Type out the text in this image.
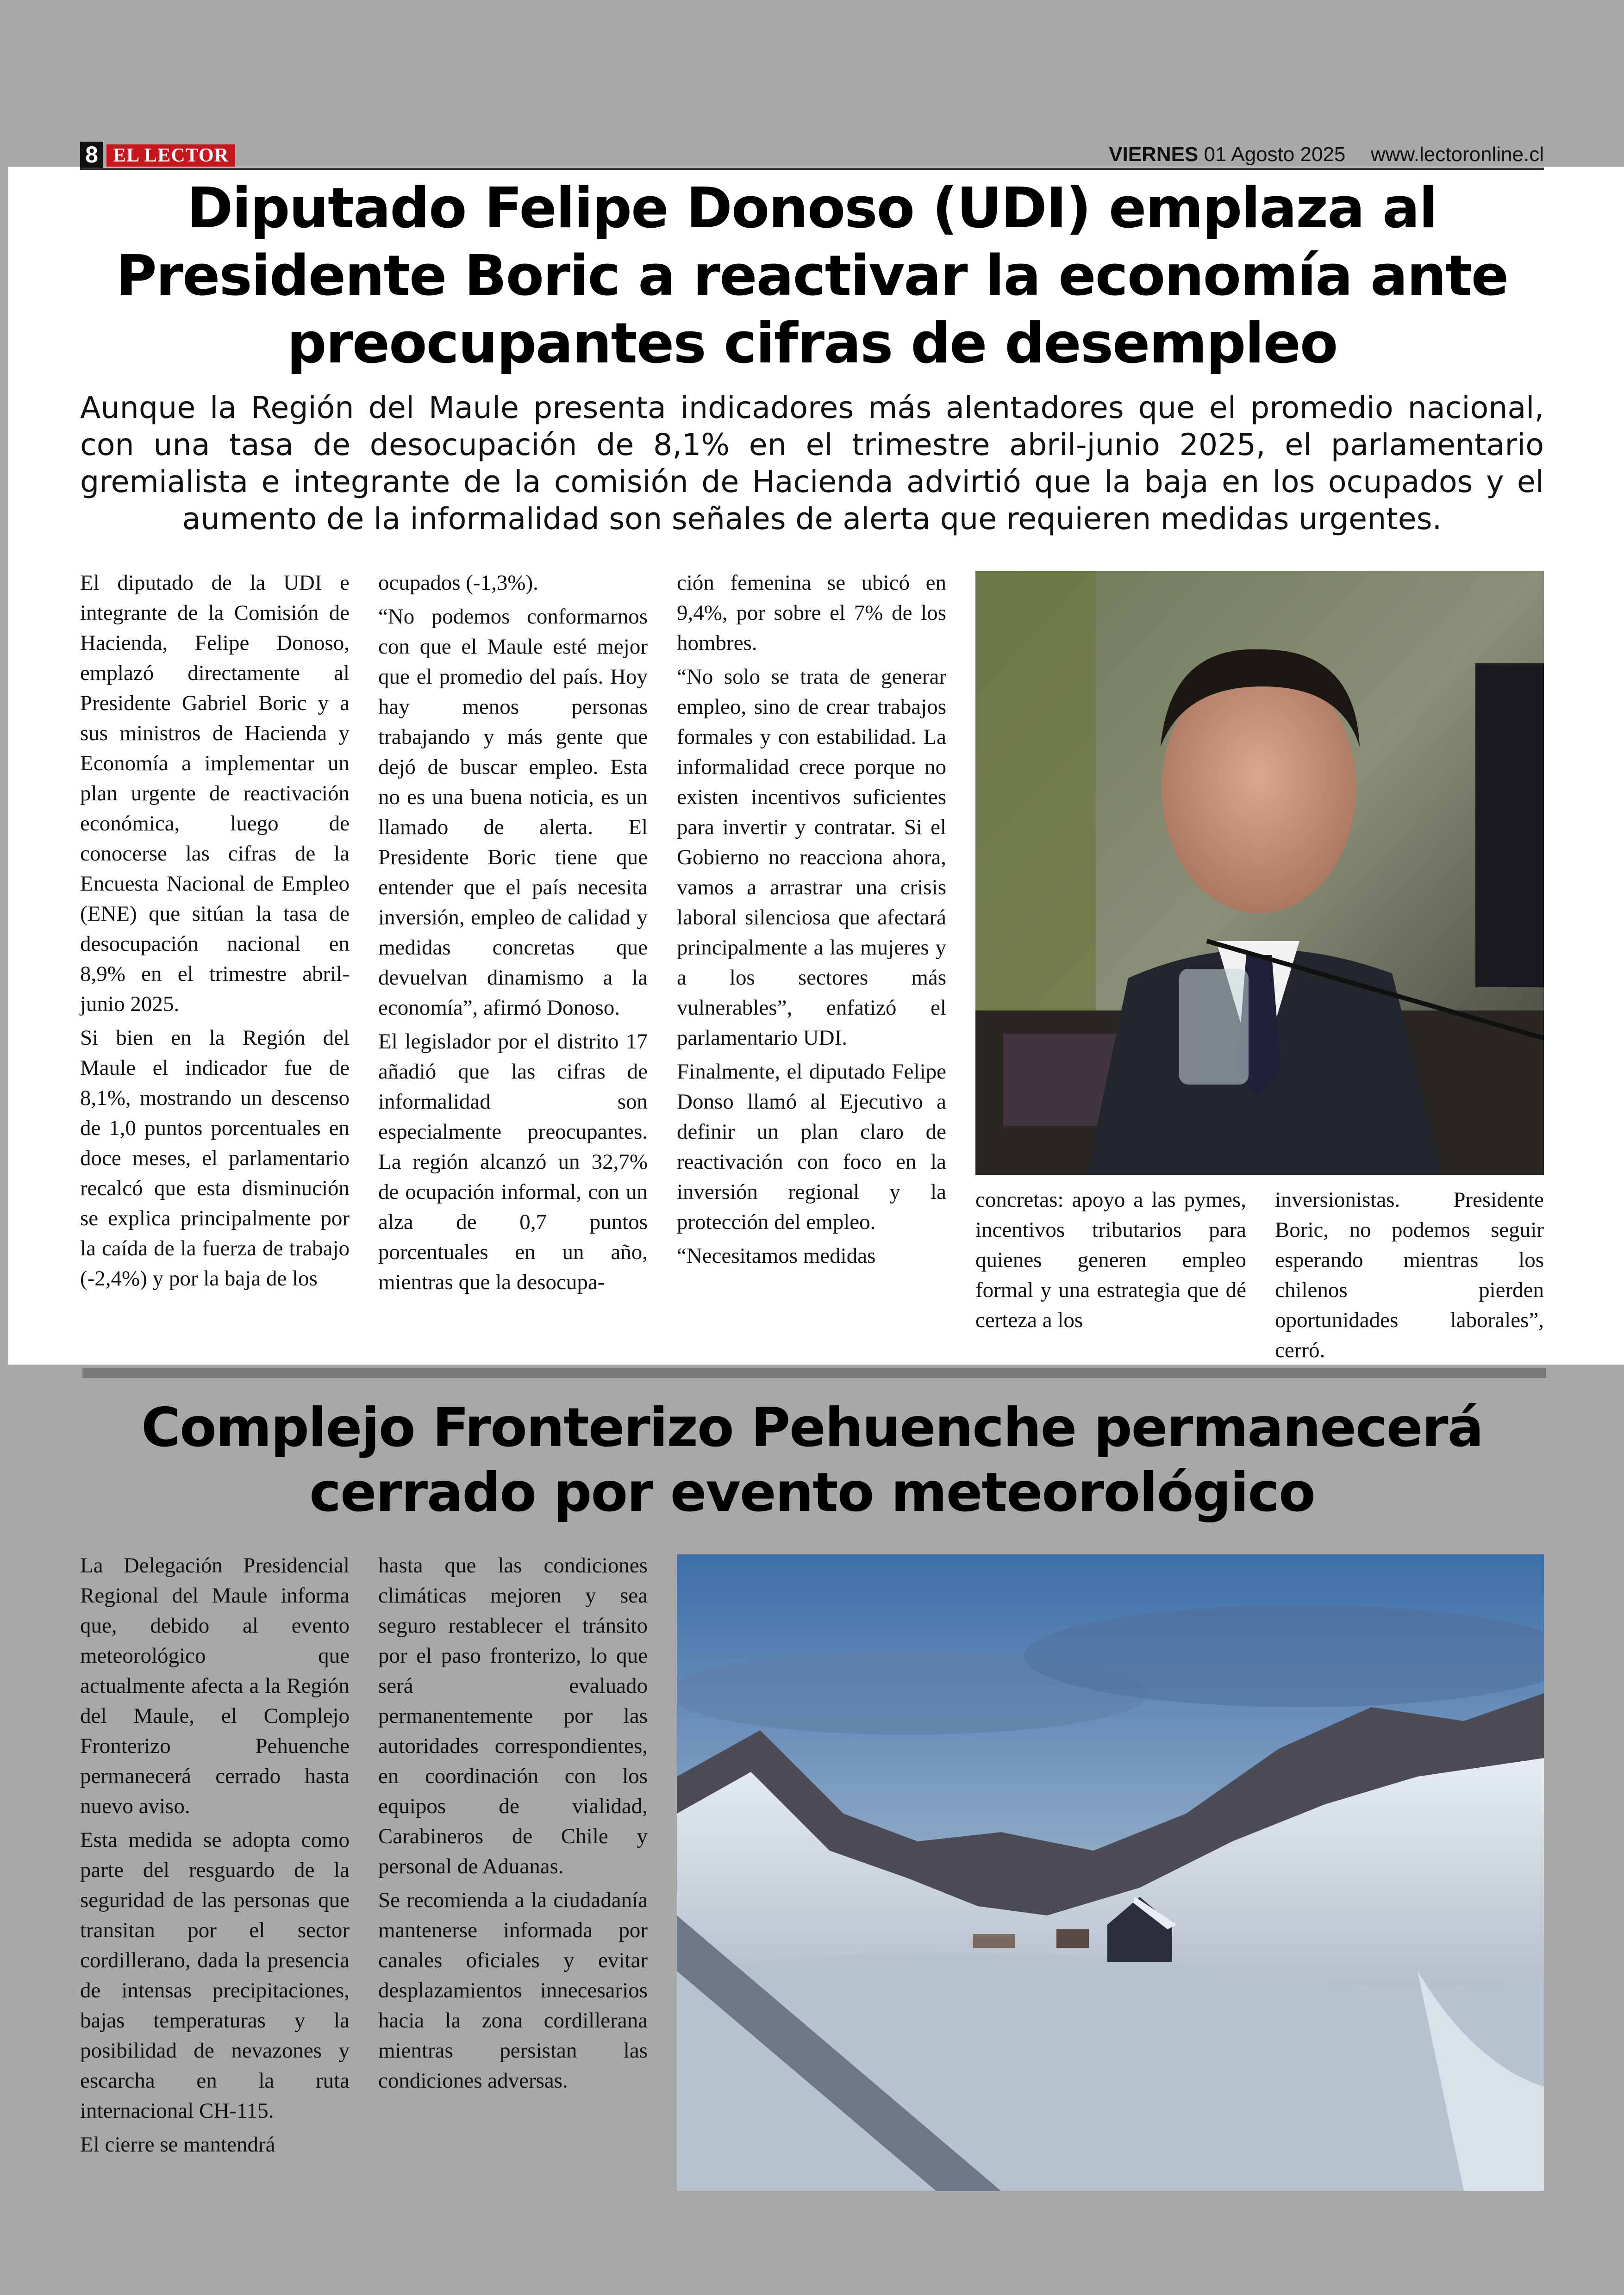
8 EL LECTOR	VIERNES 01 Agosto 2025 www.lectoronline.cl
Diputado Felipe Donoso (UDI) emplaza al Presidente Boric a reactivar la economía ante preocupantes cifras de desempleo
Aunque la Región del Maule presenta indicadores más alentadores que el promedio nacional, con una tasa de desocupación de 8,1% en el trimestre abril-junio 2025, el parlamentario gremialista e integrante de la comisión de Hacienda advirtió que la baja en los ocupados y el aumento de la informalidad son señales de alerta que requieren medidas urgentes.

El diputado de la UDI e integrante de la Comisión de Hacienda, Felipe Donoso, emplazó directamente al Presidente Gabriel Boric y a sus ministros de Hacienda y Economía a implementar un plan urgente de reactivación económica, luego de conocerse las cifras de la Encuesta Nacional de Empleo (ENE) que sitúan la tasa de desocupación nacional en 8,9% en el trimestre abril-junio 2025.

Si bien en la Región del Maule el indicador fue de 8,1%, mostrando un descenso de 1,0 puntos porcentuales en doce meses, el parlamentario recalcó que esta disminución se explica principalmente por la caída de la fuerza de trabajo (-2,4%) y por la baja de los

ocupados (-1,3%).

“No podemos conformarnos con que el Maule esté mejor que el promedio del país. Hoy hay menos personas trabajando y más gente que dejó de buscar empleo. Esta no es una buena noticia, es un llamado de alerta. El Presidente Boric tiene que entender que el país necesita inversión, empleo de calidad y medidas concretas que devuelvan dinamismo a la economía”, afirmó Donoso.

El legislador por el distrito 17 añadió que las cifras de informalidad son especialmente preocupantes. La región alcanzó un 32,7% de ocupación informal, con un alza de 0,7 puntos porcentuales en un año, mientras que la desocupa-

ción femenina se ubicó en 9,4%, por sobre el 7% de los hombres.

“No solo se trata de generar empleo, sino de crear trabajos formales y con estabilidad. La informalidad crece porque no existen incentivos suficientes para invertir y contratar. Si el Gobierno no reacciona ahora, vamos a arrastrar una crisis laboral silenciosa que afectará principalmente a las mujeres y a los sectores más vulnerables”, enfatizó el parlamentario UDI.

Finalmente, el diputado Felipe Donso llamó al Ejecutivo a definir un plan claro de reactivación con foco en la inversión regional y la protección del empleo.

“Necesitamos medidas

concretas: apoyo a las pymes, incentivos tributarios para quienes generen empleo formal y una estrategia que dé certeza a los

inversionistas. Presidente Boric, no podemos seguir esperando mientras los chilenos pierden oportunidades laborales”, cerró.

Complejo Fronterizo Pehuenche permanecerá cerrado por evento meteorológico

La Delegación Presidencial Regional del Maule informa que, debido al evento meteorológico que actualmente afecta a la Región del Maule, el Complejo Fronterizo Pehuenche permanecerá cerrado hasta nuevo aviso.

Esta medida se adopta como parte del resguardo de la seguridad de las personas que transitan por el sector cordillerano, dada la presencia de intensas precipitaciones, bajas temperaturas y la posibilidad de nevazones y escarcha en la ruta internacional CH-115.

El cierre se mantendrá

hasta que las condiciones climáticas mejoren y sea seguro restablecer el tránsito por el paso fronterizo, lo que será evaluado permanentemente por las autoridades correspondientes, en coordinación con los equipos de vialidad, Carabineros de Chile y personal de Aduanas.

Se recomienda a la ciudadanía mantenerse informada por canales oficiales y evitar desplazamientos innecesarios hacia la zona cordillerana mientras persistan las condiciones adversas.
